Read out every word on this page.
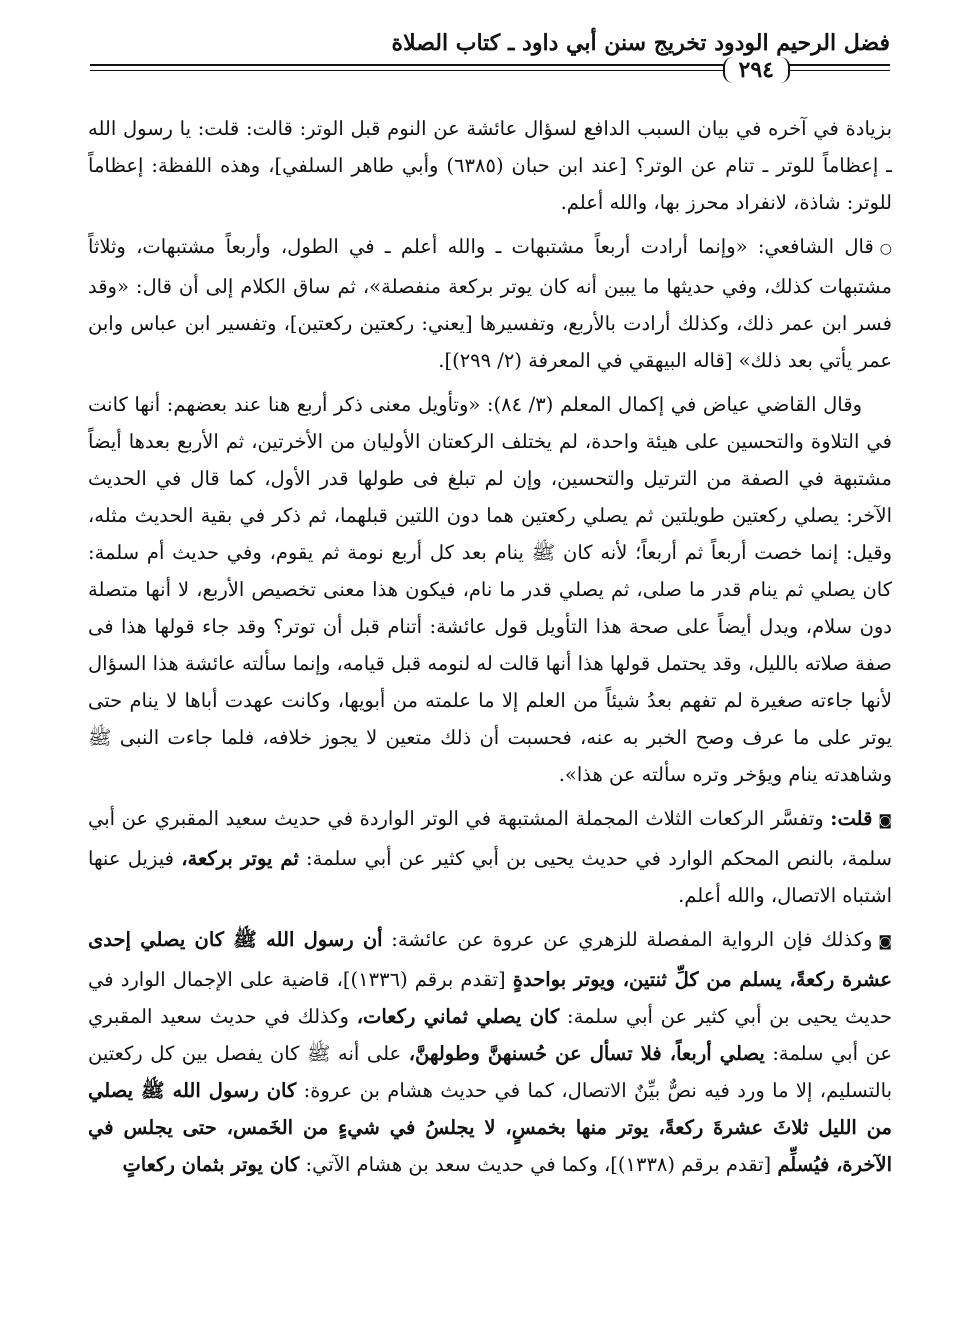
فضل الرحيم الودود تخريج سنن أبي داود ـ كتاب الصلاة
٢٩٤

بزيادة في آخره في بيان السبب الدافع لسؤال عائشة عن النوم قبل الوتر: قالت: قلت: يا رسول الله ـ إعظاماً للوتر ـ تنام عن الوتر؟ [عند ابن حبان (٦٣٨٥) وأبي طاهر السلفي]، وهذه اللفظة: إعظاماً للوتر: شاذة، لانفراد محرز بها، والله أعلم.

○قال الشافعي: «وإنما أرادت أربعاً مشتبهات ـ والله أعلم ـ في الطول، وأربعاً مشتبهات، وثلاثاً مشتبهات كذلك، وفي حديثها ما يبين أنه كان يوتر بركعة منفصلة»، ثم ساق الكلام إلى أن قال: «وقد فسر ابن عمر ذلك، وكذلك أرادت بالأربع، وتفسيرها [يعني: ركعتين ركعتين]، وتفسير ابن عباس وابن عمر يأتي بعد ذلك» [قاله البيهقي في المعرفة (٢/ ٢٩٩)].

وقال القاضي عياض في إكمال المعلم (٣/ ٨٤): «وتأويل معنى ذكر أربع هنا عند بعضهم: أنها كانت في التلاوة والتحسين على هيئة واحدة، لم يختلف الركعتان الأوليان من الأخرتين، ثم الأربع بعدها أيضاً مشتبهة في الصفة من الترتيل والتحسين، وإن لم تبلغ فى طولها قدر الأول، كما قال في الحديث الآخر: يصلي ركعتين طويلتين ثم يصلي ركعتين هما دون اللتين قبلهما، ثم ذكر في بقية الحديث مثله، وقيل: إنما خصت أربعاً ثم أربعاً؛ لأنه كان ﷺ ينام بعد كل أربع نومة ثم يقوم، وفي حديث أم سلمة: كان يصلي ثم ينام قدر ما صلى، ثم يصلي قدر ما نام، فيكون هذا معنى تخصيص الأربع، لا أنها متصلة دون سلام، ويدل أيضاً على صحة هذا التأويل قول عائشة: أتنام قبل أن توتر؟ وقد جاء قولها هذا فى صفة صلاته بالليل، وقد يحتمل قولها هذا أنها قالت له لنومه قبل قيامه، وإنما سألته عائشة هذا السؤال لأنها جاءته صغيرة لم تفهم بعدُ شيئاً من العلم إلا ما علمته من أبويها، وكانت عهدت أباها لا ينام حتى يوتر على ما عرف وصح الخبر به عنه، فحسبت أن ذلك متعين لا يجوز خلافه، فلما جاءت النبى ﷺ وشاهدته ينام ويؤخر وتره سألته عن هذا».

◙قلت: وتفسَّر الركعات الثلاث المجملة المشتبهة في الوتر الواردة في حديث سعيد المقبري عن أبي سلمة، بالنص المحكم الوارد في حديث يحيى بن أبي كثير عن أبي سلمة: ثم يوتر بركعة، فيزيل عنها اشتباه الاتصال، والله أعلم.

◙وكذلك فإن الرواية المفصلة للزهري عن عروة عن عائشة: أن رسول الله ﷺ كان يصلي إحدى عشرة ركعةً، يسلم من كلِّ ثنتين، ويوتر بواحدةٍ [تقدم برقم (١٣٣٦)]، قاضية على الإجمال الوارد في حديث يحيى بن أبي كثير عن أبي سلمة: كان يصلي ثماني ركعات، وكذلك في حديث سعيد المقبري عن أبي سلمة: يصلي أربعاً، فلا تسأل عن حُسنهنَّ وطولهنَّ، على أنه ﷺ كان يفصل بين كل ركعتين بالتسليم، إلا ما ورد فيه نصٌّ بيِّنٌ الاتصال، كما في حديث هشام بن عروة: كان رسول الله ﷺ يصلي من الليل ثلاثَ عشرةَ ركعةً، يوتر منها بخمسٍ، لا يجلسُ في شيءٍ من الخَمس، حتى يجلس في الآخرة، فيُسلِّم [تقدم برقم (١٣٣٨)]، وكما في حديث سعد بن هشام الآتي: كان يوتر بثمان ركعاتٍ
